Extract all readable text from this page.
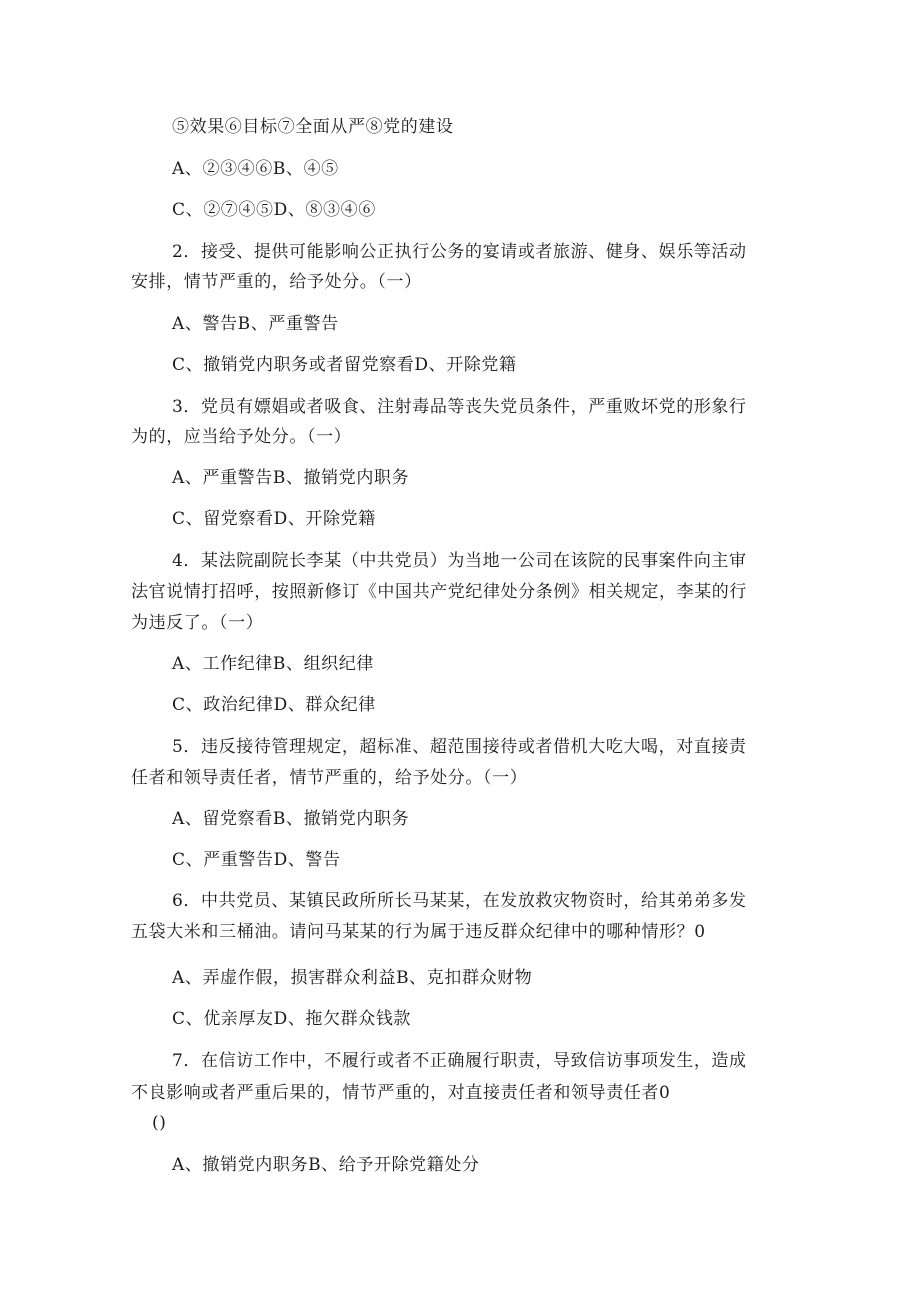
⑤效果⑥目标⑦全面从严⑧党的建设
A、②③④⑥B、④⑤
C、②⑦④⑤D、⑧③④⑥
2．接受、提供可能影响公正执行公务的宴请或者旅游、健身、娱乐等活动
安排，情节严重的，给予处分。（一）
A、警告B、严重警告
C、撤销党内职务或者留党察看D、开除党籍
3．党员有嫖娼或者吸食、注射毒品等丧失党员条件，严重败坏党的形象行
为的，应当给予处分。（一）
A、严重警告B、撤销党内职务
C、留党察看D、开除党籍
4．某法院副院长李某（中共党员）为当地一公司在该院的民事案件向主审
法官说情打招呼，按照新修订《中国共产党纪律处分条例》相关规定，李某的行
为违反了。（一）
A、工作纪律B、组织纪律
C、政治纪律D、群众纪律
5．违反接待管理规定，超标准、超范围接待或者借机大吃大喝，对直接责
任者和领导责任者，情节严重的，给予处分。（一）
A、留党察看B、撤销党内职务
C、严重警告D、警告
6．中共党员、某镇民政所所长马某某，在发放救灾物资时，给其弟弟多发
五袋大米和三桶油。请问马某某的行为属于违反群众纪律中的哪种情形？0
A、弄虚作假，损害群众利益B、克扣群众财物
C、优亲厚友D、拖欠群众钱款
7．在信访工作中，不履行或者不正确履行职责，导致信访事项发生，造成
不良影响或者严重后果的，情节严重的，对直接责任者和领导责任者0
()
A、撤销党内职务B、给予开除党籍处分
